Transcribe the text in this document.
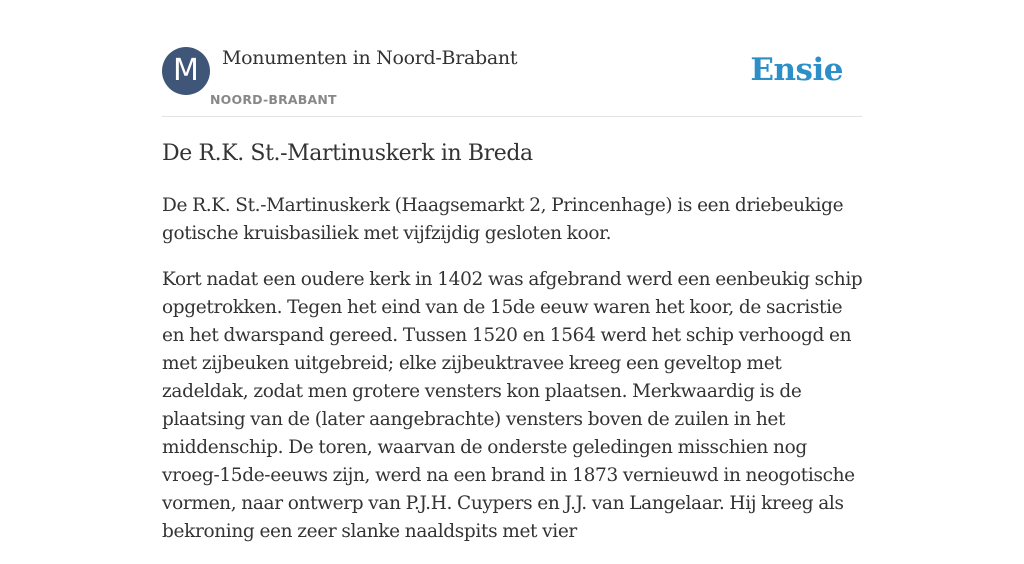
M	Monumenten in Noord-Brabant
NOORD-BRABANT
Ensie
De R.K. St.-Martinuskerk in Breda

De R.K. St.-Martinuskerk (Haagsemarkt 2, Princenhage) is een driebeukige gotische kruisbasiliek met vijfzijdig gesloten koor.

Kort nadat een oudere kerk in 1402 was afgebrand werd een eenbeukig schip opgetrokken. Tegen het eind van de 15de eeuw waren het koor, de sacristie en het dwarspand gereed. Tussen 1520 en 1564 werd het schip verhoogd en met zijbeuken uitgebreid; elke zijbeuktravee kreeg een geveltop met zadeldak, zodat men grotere vensters kon plaatsen. Merkwaardig is de plaatsing van de (later aangebrachte) vensters boven de zuilen in het middenschip. De toren, waarvan de onderste geledingen misschien nog vroeg-15de-eeuws zijn, werd na een brand in 1873 vernieuwd in neogotische vormen, naar ontwerp van P.J.H. Cuypers en J.J. van Langelaar. Hij kreeg als bekroning een zeer slanke naaldspits met vier
